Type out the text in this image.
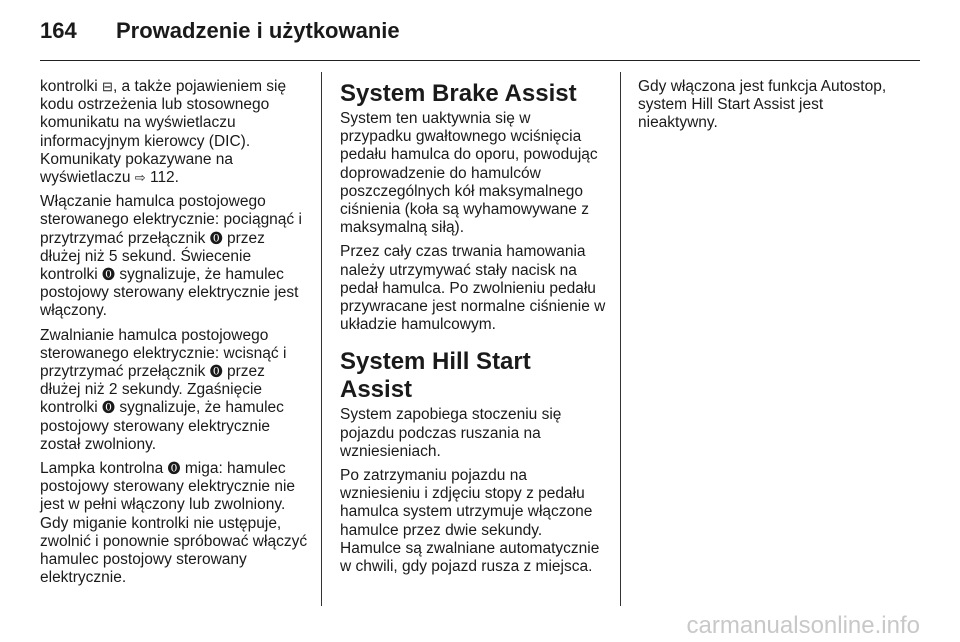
164 Prowadzenie i użytkowanie

kontrolki ⊟, a także pojawieniem się kodu ostrzeżenia lub stosownego komunikatu na wyświetlaczu informacyjnym kierowcy (DIC). Komunikaty pokazywane na wyświetlaczu ⇨ 112.

Włączanie hamulca postojowego sterowanego elektrycznie: pociągnąć i przytrzymać przełącznik ⓿ przez dłużej niż 5 sekund. Świecenie kontrolki ⓿ sygnalizuje, że hamulec postojowy sterowany elektrycznie jest włączony.

Zwalnianie hamulca postojowego sterowanego elektrycznie: wcisnąć i przytrzymać przełącznik ⓿ przez dłużej niż 2 sekundy. Zgaśnięcie kontrolki ⓿ sygnalizuje, że hamulec postojowy sterowany elektrycznie został zwolniony.

Lampka kontrolna ⓿ miga: hamulec postojowy sterowany elektrycznie nie jest w pełni włączony lub zwolniony. Gdy miganie kontrolki nie ustępuje, zwolnić i ponownie spróbować włączyć hamulec postojowy sterowany elektrycznie.

System Brake Assist

System ten uaktywnia się w przypadku gwałtownego wciśnięcia pedału hamulca do oporu, powodując doprowadzenie do hamulców poszczególnych kół maksymalnego ciśnienia (koła są wyhamowywane z maksymalną siłą).

Przez cały czas trwania hamowania należy utrzymywać stały nacisk na pedał hamulca. Po zwolnieniu pedału przywracane jest normalne ciśnienie w układzie hamulcowym.

System Hill Start Assist

System zapobiega stoczeniu się pojazdu podczas ruszania na wzniesieniach.

Po zatrzymaniu pojazdu na wzniesieniu i zdjęciu stopy z pedału hamulca system utrzymuje włączone hamulce przez dwie sekundy. Hamulce są zwalniane automatycznie w chwili, gdy pojazd rusza z miejsca.

Gdy włączona jest funkcja Autostop, system Hill Start Assist jest nieaktywny.

carmanualsonline.info
